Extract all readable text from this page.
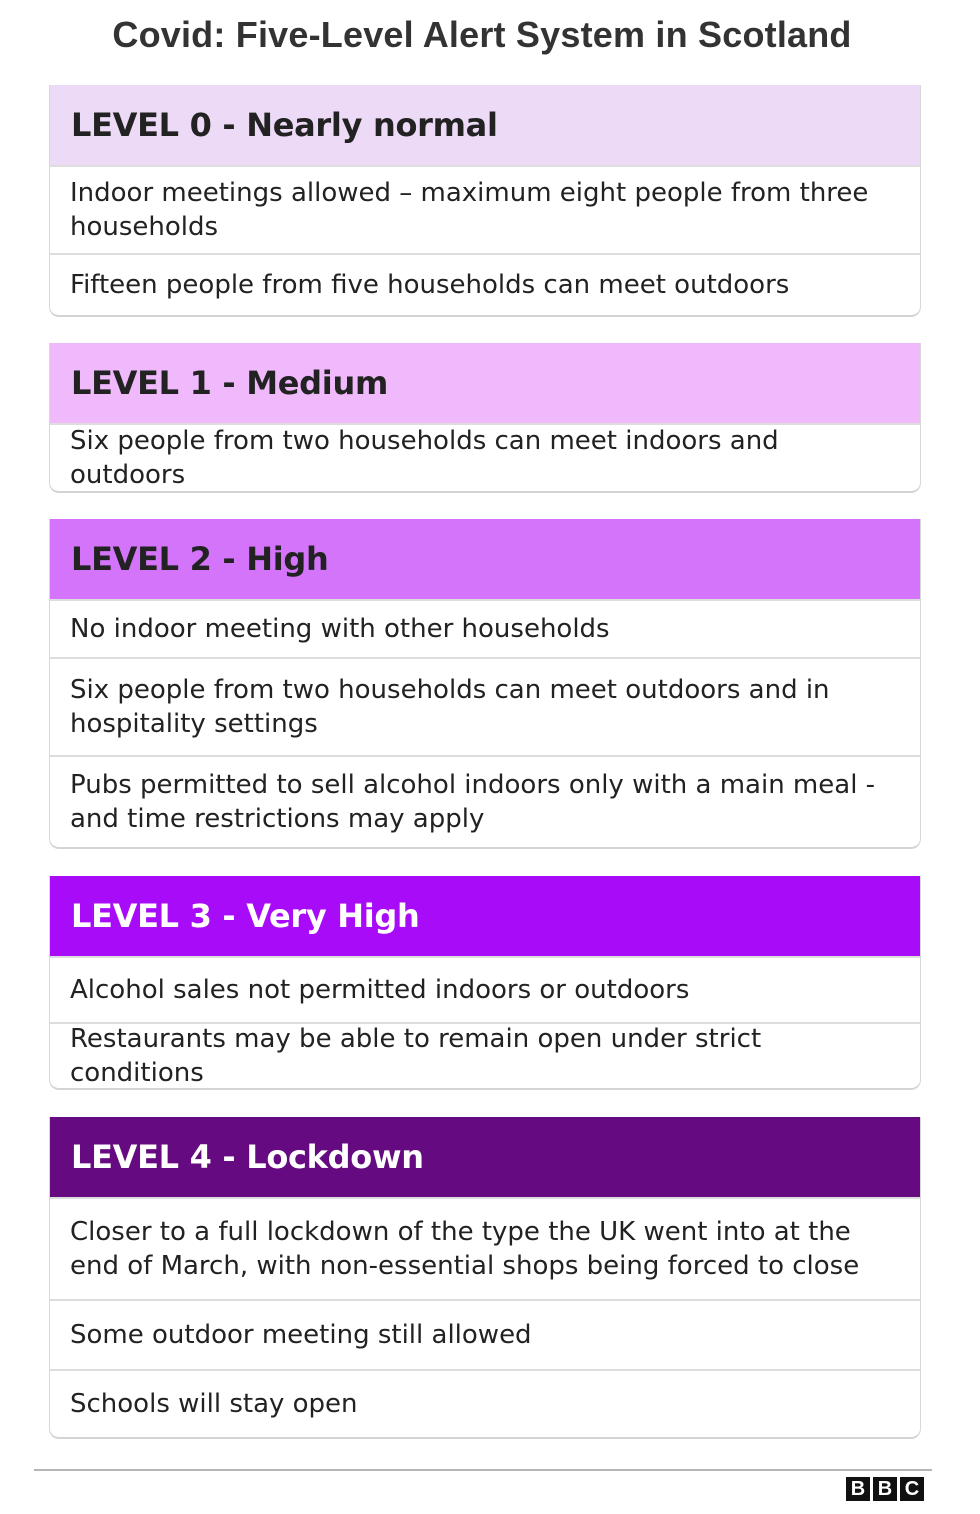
Covid: Five-Level Alert System in Scotland
LEVEL 0 - Nearly normal
Indoor meetings allowed – maximum eight people from three households
Fifteen people from five households can meet outdoors
LEVEL 1 - Medium
Six people from two households can meet indoors and outdoors
LEVEL 2 - High
No indoor meeting with other households
Six people from two households can meet outdoors and in hospitality settings
Pubs permitted to sell alcohol indoors only with a main meal - and time restrictions may apply
LEVEL 3 - Very High
Alcohol sales not permitted indoors or outdoors
Restaurants may be able to remain open under strict conditions
LEVEL 4 - Lockdown
Closer to a full lockdown of the type the UK went into at the end of March, with non-essential shops being forced to close
Some outdoor meeting still allowed
Schools will stay open
B B C
